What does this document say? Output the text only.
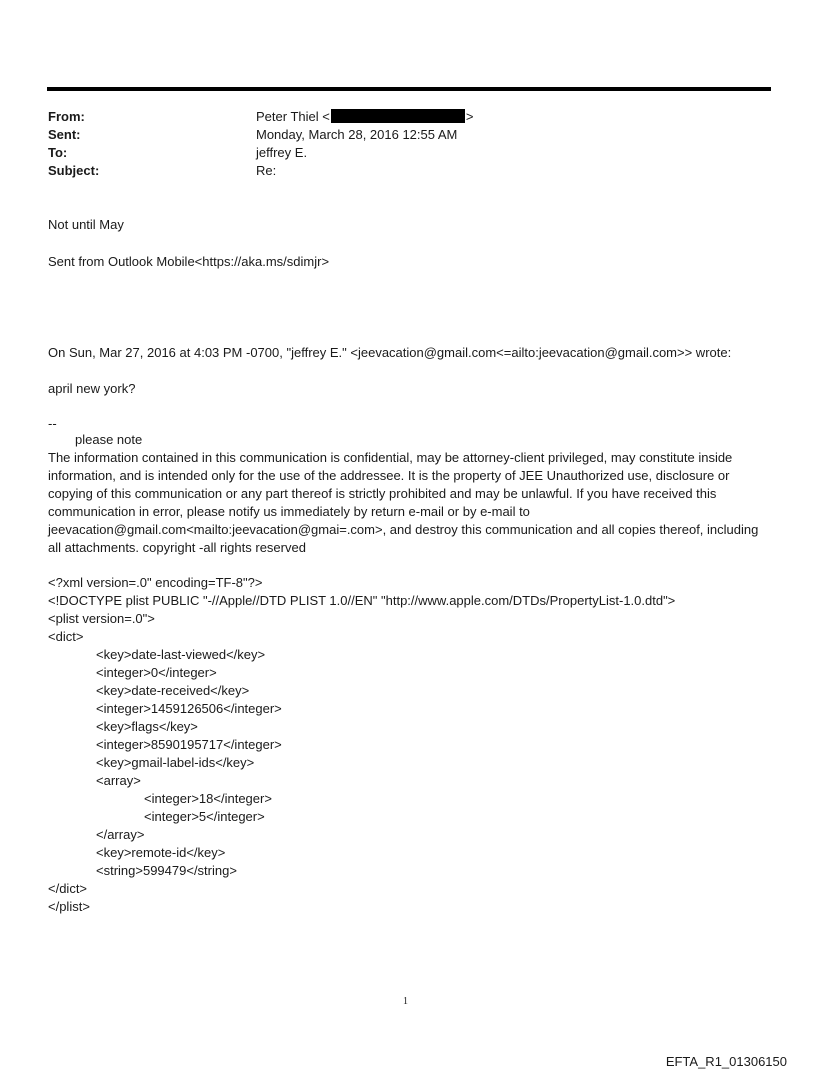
From:	Peter Thiel <	>
Sent:	Monday, March 28, 2016 12:55 AM
To:	jeffrey E.
Subject:	Re:
Not until May
Sent from Outlook Mobile<https://aka.ms/sdimjr>
On Sun, Mar 27, 2016 at 4:03 PM -0700, "jeffrey E." <jeevacation@gmail.com<=ailto:jeevacation@gmail.com>> wrote:
april new york?
--
please note
The information contained in this communication is confidential, may be attorney-client privileged, may constitute inside information, and is intended only for the use of the addressee. It is the property of JEE Unauthorized use, disclosure or copying of this communication or any part thereof is strictly prohibited and may be unlawful. If you have received this communication in error, please notify us immediately by return e-mail or by e-mail to jeevacation@gmail.com<mailto:jeevacation@gmai=.com>, and destroy this communication and all copies thereof, including all attachments. copyright -all rights reserved
<?xml version=.0" encoding=TF-8"?>
<!DOCTYPE plist PUBLIC "-//Apple//DTD PLIST 1.0//EN" "http://www.apple.com/DTDs/PropertyList-1.0.dtd">
<plist version=.0">
<dict>
<key>date-last-viewed</key>
<integer>0</integer>
<key>date-received</key>
<integer>1459126506</integer>
<key>flags</key>
<integer>8590195717</integer>
<key>gmail-label-ids</key>
<array>
<integer>18</integer>
<integer>5</integer>
</array>
<key>remote-id</key>
<string>599479</string>
</dict>
</plist>
1
EFTA_R1_01306150
